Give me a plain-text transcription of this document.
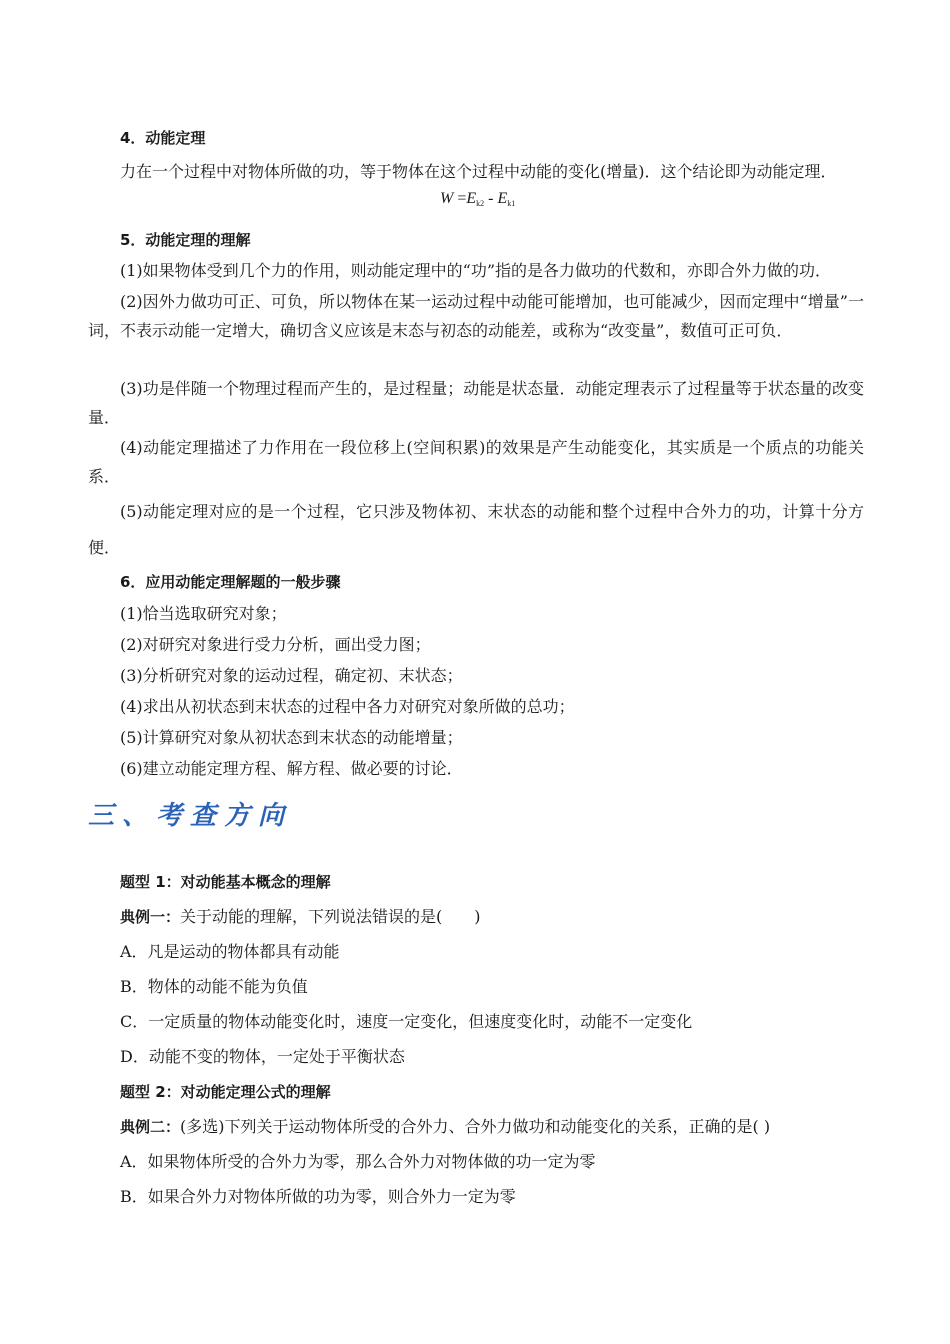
4．动能定理
力在一个过程中对物体所做的功，等于物体在这个过程中动能的变化(增量)．这个结论即为动能定理．
$W =E_{k2} - E_{k1}$
5．动能定理的理解
(1)如果物体受到几个力的作用，则动能定理中的“功”指的是各力做功的代数和，亦即合外力做的功．
(2)因外力做功可正、可负，所以物体在某一运动过程中动能可能增加，也可能减少，因而定理中“增量”一词，不表示动能一定增大，确切含义应该是末态与初态的动能差，或称为“改变量”，数值可正可负．
(3)功是伴随一个物理过程而产生的，是过程量；动能是状态量．动能定理表示了过程量等于状态量的改变量．
(4)动能定理描述了力作用在一段位移上(空间积累)的效果是产生动能变化，其实质是一个质点的功能关系．
(5)动能定理对应的是一个过程，它只涉及物体初、末状态的动能和整个过程中合外力的功，计算十分方便．
6．应用动能定理解题的一般步骤
(1)恰当选取研究对象；
(2)对研究对象进行受力分析，画出受力图；
(3)分析研究对象的运动过程，确定初、末状态；
(4)求出从初状态到末状态的过程中各力对研究对象所做的总功；
(5)计算研究对象从初状态到末状态的动能增量；
(6)建立动能定理方程、解方程、做必要的讨论．
三、考查方向
题型 1：对动能基本概念的理解
典例一：关于动能的理解，下列说法错误的是(　　)
A．凡是运动的物体都具有动能
B．物体的动能不能为负值
C．一定质量的物体动能变化时，速度一定变化，但速度变化时，动能不一定变化
D．动能不变的物体，一定处于平衡状态
题型 2：对动能定理公式的理解
典例二：(多选)下列关于运动物体所受的合外力、合外力做功和动能变化的关系，正确的是( )
A．如果物体所受的合外力为零，那么合外力对物体做的功一定为零
B．如果合外力对物体所做的功为零，则合外力一定为零
